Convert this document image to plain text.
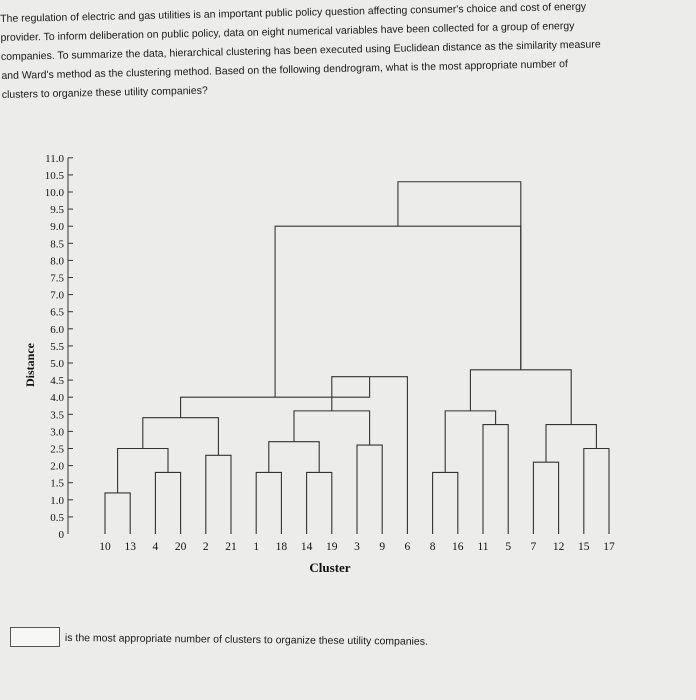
The regulation of electric and gas utilities is an important public policy question affecting consumer's choice and cost of energy

provider. To inform deliberation on public policy, data on eight numerical variables have been collected for a group of energy

companies. To summarize the data, hierarchical clustering has been executed using Euclidean distance as the similarity measure

and Ward's method as the clustering method. Based on the following dendrogram, what is the most appropriate number of

clusters to organize these utility companies?

0
0.5
1.0
1.5
2.0
2.5
3.0
3.5
4.0
4.5
5.0
5.5
6.0
6.5
7.0
7.5
8.0
8.5
9.0
9.5
10.0
10.5
11.0
10 13 4 20 2 21 1 18 14 19 3 9 6 8 16 11 5 7 12 15 17
Cluster
Distance
is the most appropriate number of clusters to organize these utility companies.
